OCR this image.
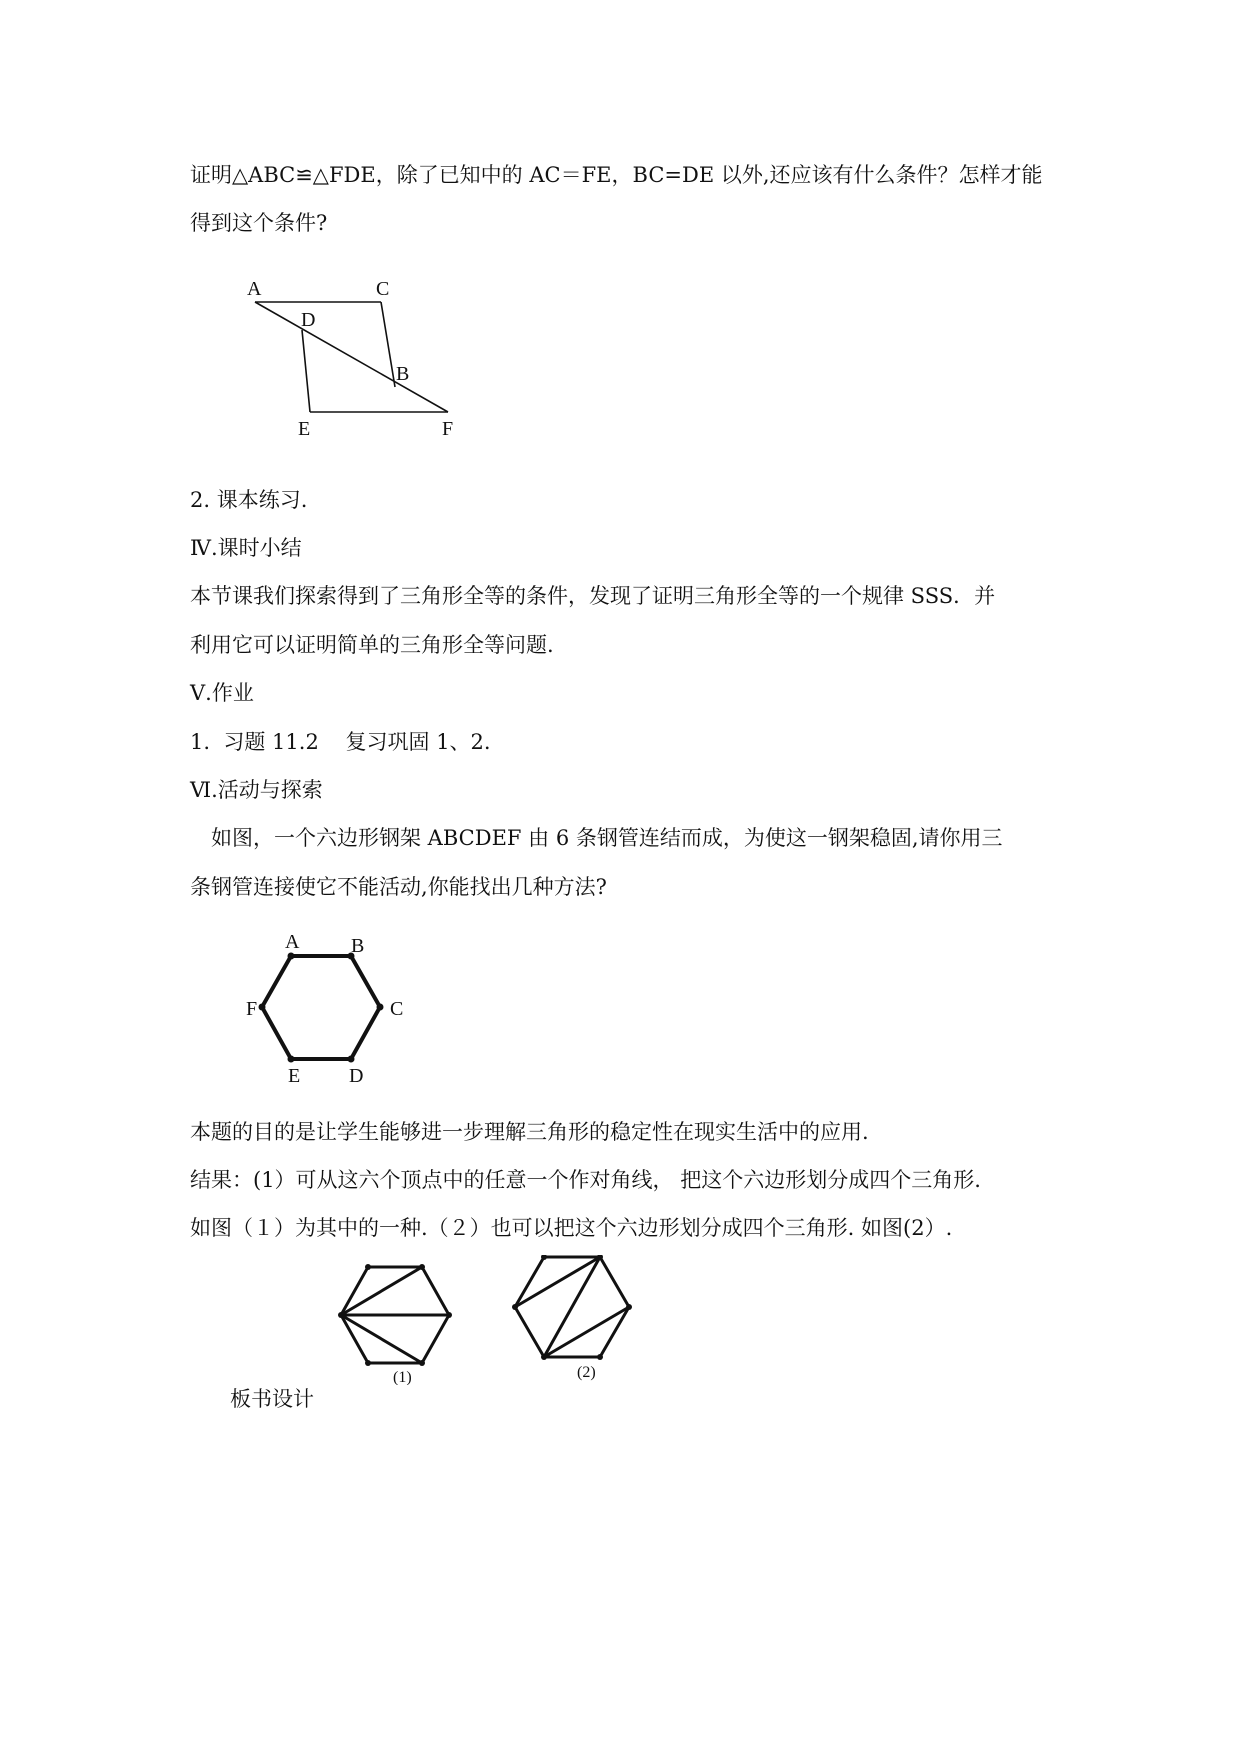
证明△ABC≌△FDE，除了已知中的 AC＝FE，BC=DE 以外,还应该有什么条件？怎样才能
得到这个条件?
A	C
D
B
E	F
2. 课本练习.
Ⅳ.课时小结
本节课我们探索得到了三角形全等的条件，发现了证明三角形全等的一个规律 SSS．并
利用它可以证明简单的三角形全等问题.
Ⅴ.作业
1.  习题 11.2    复习巩固 1、2.
Ⅵ.活动与探索
　如图，一个六边形钢架 ABCDEF 由 6 条钢管连结而成，为使这一钢架稳固,请你用三
条钢管连接使它不能活动,你能找出几种方法?
A	B
C
D
E
F
本题的目的是让学生能够进一步理解三角形的稳定性在现实生活中的应用.
结果：(1）可从这六个顶点中的任意一个作对角线， 把这个六边形划分成四个三角形.
如图（１）为其中的一种.（２）也可以把这个六边形划分成四个三角形. 如图(2）.
(1)	(2)
板书设计
